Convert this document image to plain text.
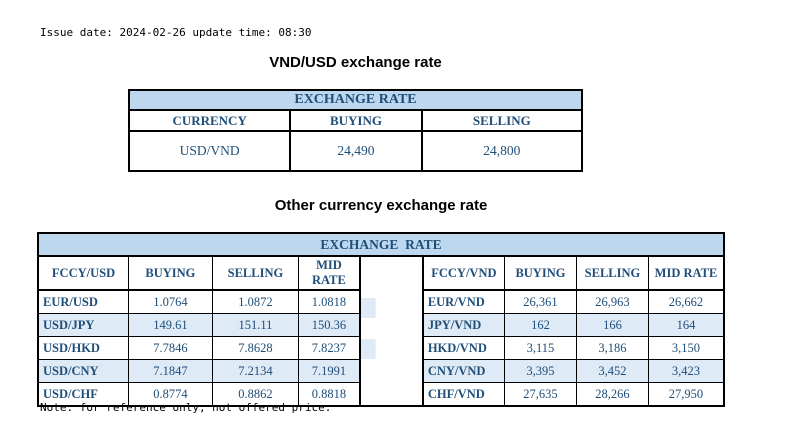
Issue date: 2024-02-26 update time: 08:30
VND/USD exchange rate
EXCHANGE RATE		
CURRENCY	BUYING	SELLING
USD/VND	24,490	24,800
Other currency exchange rate
EXCHANGE  RATE								
FCCY/USD	BUYING	SELLING	MID RATE		FCCY/VND	BUYING	SELLING	MID RATE
EUR/USD	1.0764	1.0872	1.0818		EUR/VND	26,361	26,963	26,662
USD/JPY	149.61	151.11	150.36		JPY/VND	162	166	164
USD/HKD	7.7846	7.8628	7.8237		HKD/VND	3,115	3,186	3,150
USD/CNY	7.1847	7.2134	7.1991		CNY/VND	3,395	3,452	3,423
USD/CHF	0.8774	0.8862	0.8818		CHF/VND	27,635	28,266	27,950
Note: for reference only, not offered price.
